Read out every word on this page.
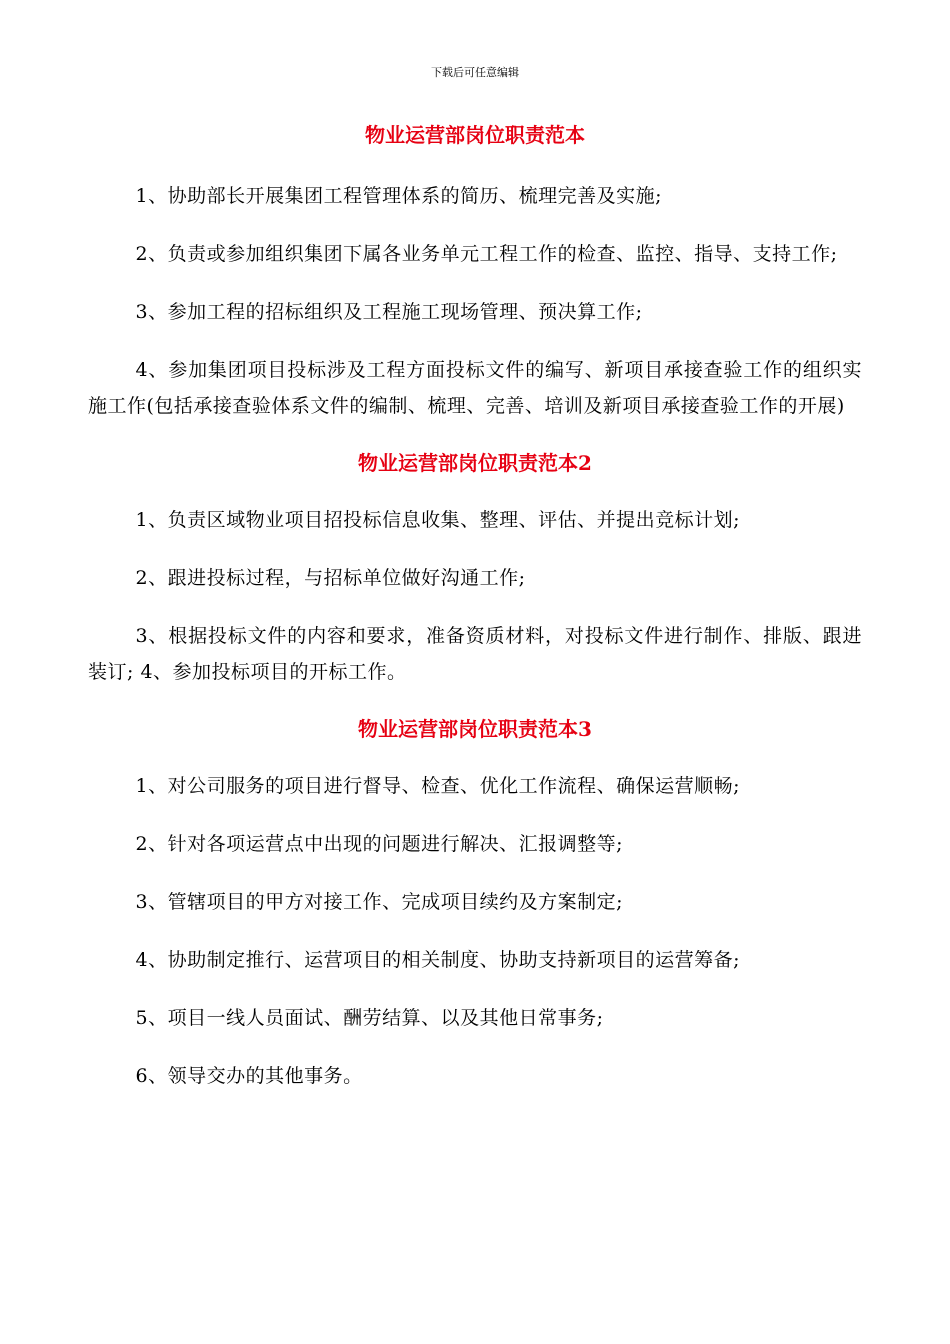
下载后可任意编辑
物业运营部岗位职责范本

1、协助部长开展集团工程管理体系的简历、梳理完善及实施;

2、负责或参加组织集团下属各业务单元工程工作的检查、监控、指导、支持工作;

3、参加工程的招标组织及工程施工现场管理、预决算工作;

4、参加集团项目投标涉及工程方面投标文件的编写、新项目承接查验工作的组织实施工作(包括承接查验体系文件的编制、梳理、完善、培训及新项目承接查验工作的开展)

物业运营部岗位职责范本2

1、负责区域物业项目招投标信息收集、整理、评估、并提出竞标计划;

2、跟进投标过程，与招标单位做好沟通工作;

3、根据投标文件的内容和要求，准备资质材料，对投标文件进行制作、排版、跟进装订; 4、参加投标项目的开标工作。

物业运营部岗位职责范本3

1、对公司服务的项目进行督导、检查、优化工作流程、确保运营顺畅;

2、针对各项运营点中出现的问题进行解决、汇报调整等;

3、管辖项目的甲方对接工作、完成项目续约及方案制定;

4、协助制定推行、运营项目的相关制度、协助支持新项目的运营筹备;

5、项目一线人员面试、酬劳结算、以及其他日常事务;

6、领导交办的其他事务。
